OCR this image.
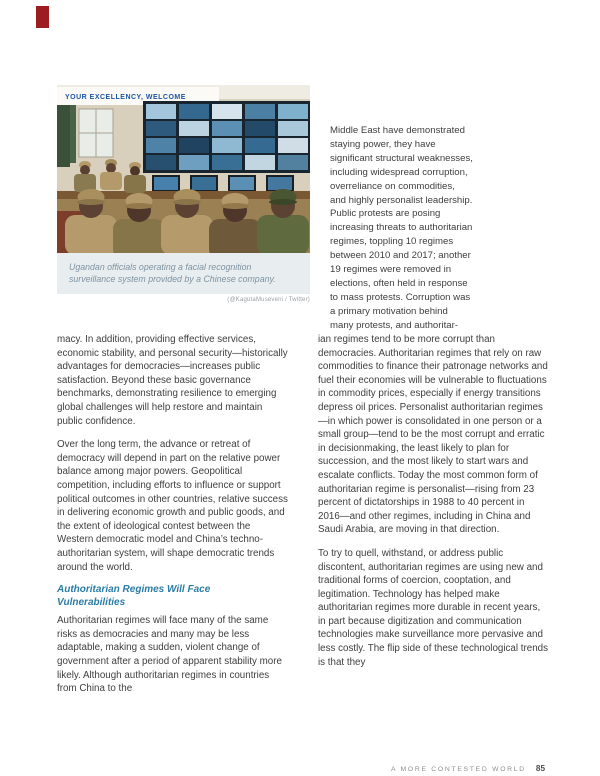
YOUR EXCELLENCY, WELCOME
Ugandan officials operating a facial recognition surveillance system provided by a Chinese company.
(@KagutaMuseveni / Twitter)

Middle East have demonstrated staying power, they have significant structural weaknesses, including widespread corruption, overreliance on commodities, and highly personalist leadership. Public protests are posing increasing threats to authoritarian regimes, toppling 10 regimes between 2010 and 2017; another 19 regimes were removed in elections, often held in response to mass protests. Corruption was a primary motivation behind many protests, and authoritar-

macy. In addition, providing effective services, economic stability, and personal security—historically advantages for democracies—increases public satisfaction. Beyond these basic governance benchmarks, demonstrating resilience to emerging global challenges will help restore and maintain public confidence.

Over the long term, the advance or retreat of democracy will depend in part on the relative power balance among major powers. Geopolitical competition, including efforts to influence or support political outcomes in other countries, relative success in delivering economic growth and public goods, and the extent of ideological contest between the Western democratic model and China’s techno-authoritarian system, will shape democratic trends around the world.

Authoritarian Regimes Will Face Vulnerabilities

Authoritarian regimes will face many of the same risks as democracies and many may be less adaptable, making a sudden, violent change of government after a period of apparent stability more likely. Although authoritarian regimes in countries from China to the

ian regimes tend to be more corrupt than democracies. Authoritarian regimes that rely on raw commodities to finance their patronage networks and fuel their economies will be vulnerable to fluctuations in commodity prices, especially if energy transitions depress oil prices. Personalist authoritarian regimes—in which power is consolidated in one person or a small group—tend to be the most corrupt and erratic in decisionmaking, the least likely to plan for succession, and the most likely to start wars and escalate conflicts. Today the most common form of authoritarian regime is personalist—rising from 23 percent of dictatorships in 1988 to 40 percent in 2016—and other regimes, including in China and Saudi Arabia, are moving in that direction.

To try to quell, withstand, or address public discontent, authoritarian regimes are using new and traditional forms of coercion, cooptation, and legitimation. Technology has helped make authoritarian regimes more durable in recent years, in part because digitization and communication technologies make surveillance more pervasive and less costly. The flip side of these technological trends is that they

A MORE CONTESTED WORLD 85
